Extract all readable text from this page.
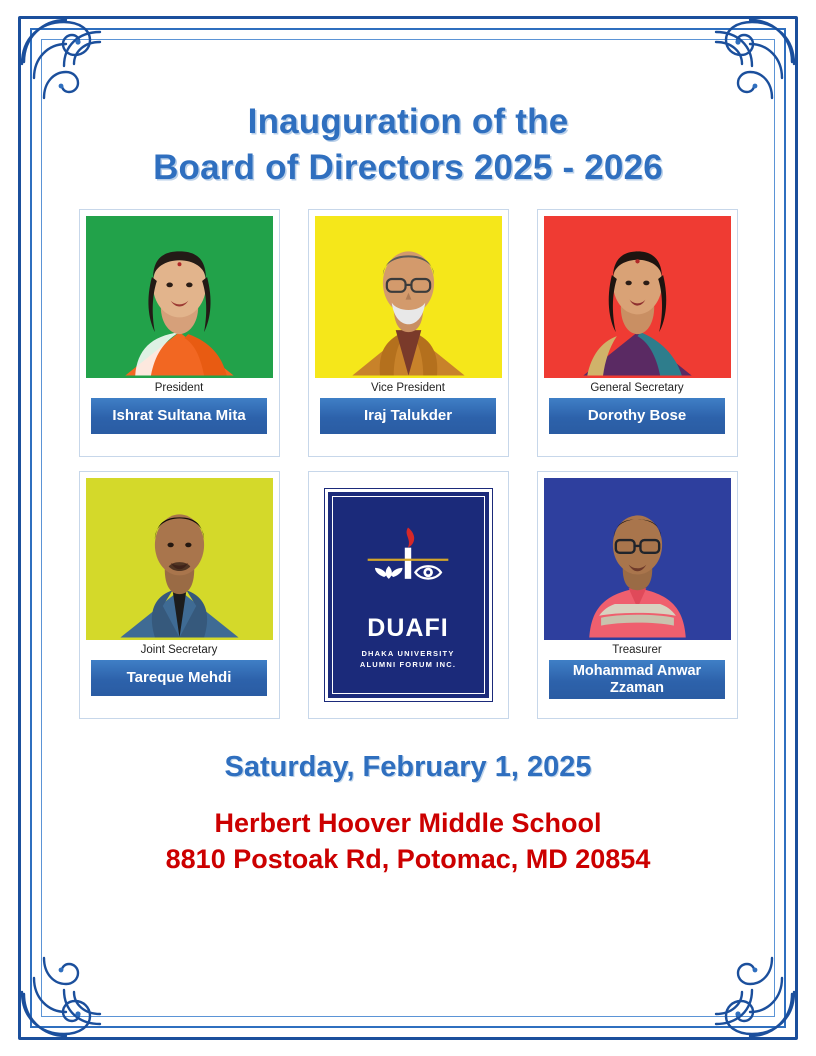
Inauguration of the
Board of Directors 2025 - 2026
President
Ishrat Sultana Mita
Vice President
Iraj Talukder
General Secretary
Dorothy Bose
Joint Secretary
Tareque Mehdi
DUAFI
DHAKA UNIVERSITY
ALUMNI FORUM INC.
Treasurer
Mohammad Anwar Zzaman
Saturday, February 1, 2025
Herbert Hoover Middle School
8810 Postoak Rd, Potomac, MD 20854
